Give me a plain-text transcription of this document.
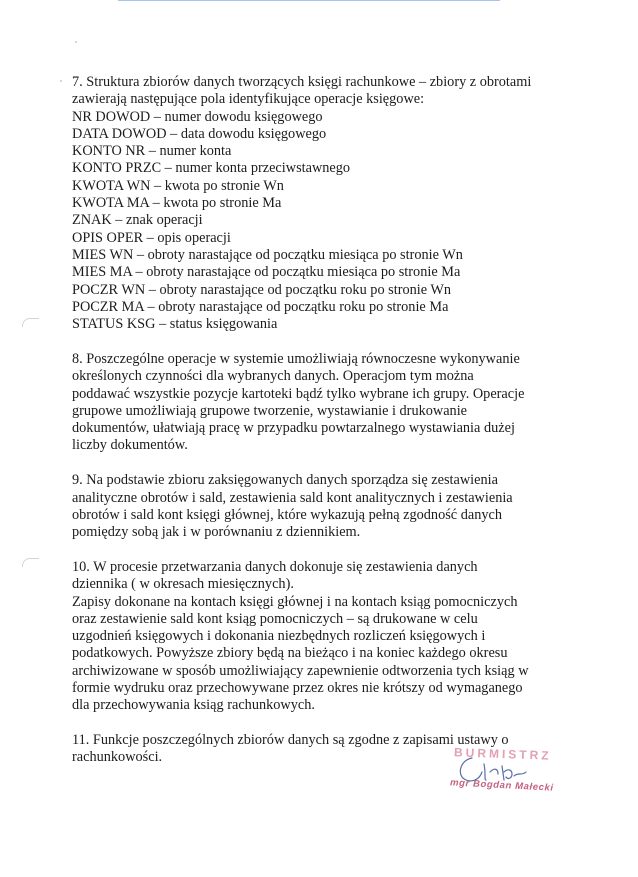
7. Struktura zbiorów danych tworzących księgi rachunkowe – zbiory z obrotami
zawierają następujące pola identyfikujące operacje księgowe:
NR DOWOD – numer dowodu księgowego
DATA DOWOD – data dowodu księgowego
KONTO NR – numer konta
KONTO PRZC – numer konta przeciwstawnego
KWOTA WN – kwota po stronie Wn
KWOTA MA – kwota po stronie Ma
ZNAK – znak operacji
OPIS OPER – opis operacji
MIES WN – obroty narastające od początku miesiąca po stronie Wn
MIES MA – obroty narastające od początku miesiąca po stronie Ma
POCZR WN – obroty narastające od początku roku po stronie Wn
POCZR MA – obroty narastające od początku roku po stronie Ma
STATUS KSG – status księgowania
8. Poszczególne operacje w systemie umożliwiają równoczesne wykonywanie
określonych czynności dla wybranych danych. Operacjom tym można
poddawać wszystkie pozycje kartoteki bądź tylko wybrane ich grupy. Operacje
grupowe umożliwiają grupowe tworzenie, wystawianie i drukowanie
dokumentów, ułatwiają pracę w przypadku powtarzalnego wystawiania dużej
liczby dokumentów.
9. Na podstawie zbioru zaksięgowanych danych sporządza się zestawienia
analityczne obrotów i sald, zestawienia sald kont analitycznych i zestawienia
obrotów i sald kont księgi głównej, które wykazują pełną zgodność danych
pomiędzy sobą jak i w porównaniu z dziennikiem.
10. W procesie przetwarzania danych dokonuje się zestawienia danych
dziennika ( w okresach miesięcznych).
Zapisy dokonane na kontach księgi głównej i na kontach ksiąg pomocniczych
oraz zestawienie sald kont ksiąg pomocniczych – są drukowane w celu
uzgodnień księgowych i dokonania niezbędnych rozliczeń księgowych i
podatkowych. Powyższe zbiory będą na bieżąco i na koniec każdego okresu
archiwizowane w sposób umożliwiający zapewnienie odtworzenia tych ksiąg w
formie wydruku oraz przechowywane przez okres nie krótszy od wymaganego
dla przechowywania ksiąg rachunkowych.
11. Funkcje poszczególnych zbiorów danych są zgodne z zapisami ustawy o
rachunkowości.	BURMISTRZ
mgr Bogdan Małecki
